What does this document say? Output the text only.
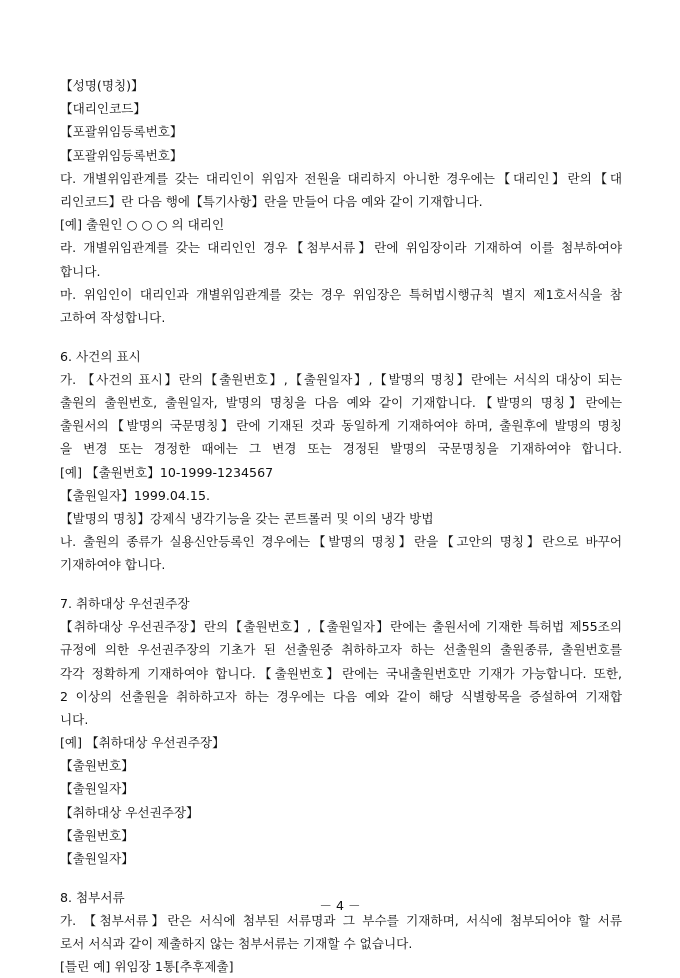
【성명(명칭)】
【대리인코드】
【포괄위임등록번호】
【포괄위임등록번호】
다. 개별위임관계를 갖는 대리인이 위임자 전원을 대리하지 아니한 경우에는【대리인】란의【대
리인코드】란 다음 행에【특기사항】란을 만들어 다음 예와 같이 기재합니다.
[예] 출원인 ○ ○ ○ 의 대리인
라. 개별위임관계를 갖는 대리인인 경우【첨부서류】란에 위임장이라 기재하여 이를 첨부하여야
합니다.
마. 위임인이 대리인과 개별위임관계를 갖는 경우 위임장은 특허법시행규칙 별지 제1호서식을 참
고하여 작성합니다.
6. 사건의 표시
가. 【사건의 표시】란의【출원번호】,【출원일자】,【발명의 명칭】란에는 서식의 대상이 되는
출원의 출원번호, 출원일자, 발명의 명칭을 다음 예와 같이 기재합니다.【발명의 명칭】란에는
출원서의【발명의 국문명칭】란에 기재된 것과 동일하게 기재하여야 하며, 출원후에 발명의 명칭
을 변경 또는 경정한 때에는 그 변경 또는 경정된 발명의 국문명칭을 기재하여야 합니다.
[예] 【출원번호】10-1999-1234567
【출원일자】1999.04.15.
【발명의 명칭】강제식 냉각기능을 갖는 콘트롤러 및 이의 냉각 방법
나. 출원의 종류가 실용신안등록인 경우에는【발명의 명칭】란을【고안의 명칭】란으로 바꾸어
기재하여야 합니다.
7. 취하대상 우선권주장
【취하대상 우선권주장】란의【출원번호】,【출원일자】란에는 출원서에 기재한 특허법 제55조의
규정에 의한 우선권주장의 기초가 된 선출원중 취하하고자 하는 선출원의 출원종류, 출원번호를
각각 정확하게 기재하여야 합니다.【출원번호】란에는 국내출원번호만 기재가 가능합니다. 또한,
2 이상의 선출원을 취하하고자 하는 경우에는 다음 예와 같이 해당 식별항목을 증설하여 기재합
니다.
[예] 【취하대상 우선권주장】
【출원번호】
【출원일자】
【취하대상 우선권주장】
【출원번호】
【출원일자】
8. 첨부서류
가. 【첨부서류】란은 서식에 첨부된 서류명과 그 부수를 기재하며, 서식에 첨부되어야 할 서류
로서 서식과 같이 제출하지 않는 첨부서류는 기재할 수 없습니다.
[틀린 예] 위임장 1통[추후제출]
－ 4 －
